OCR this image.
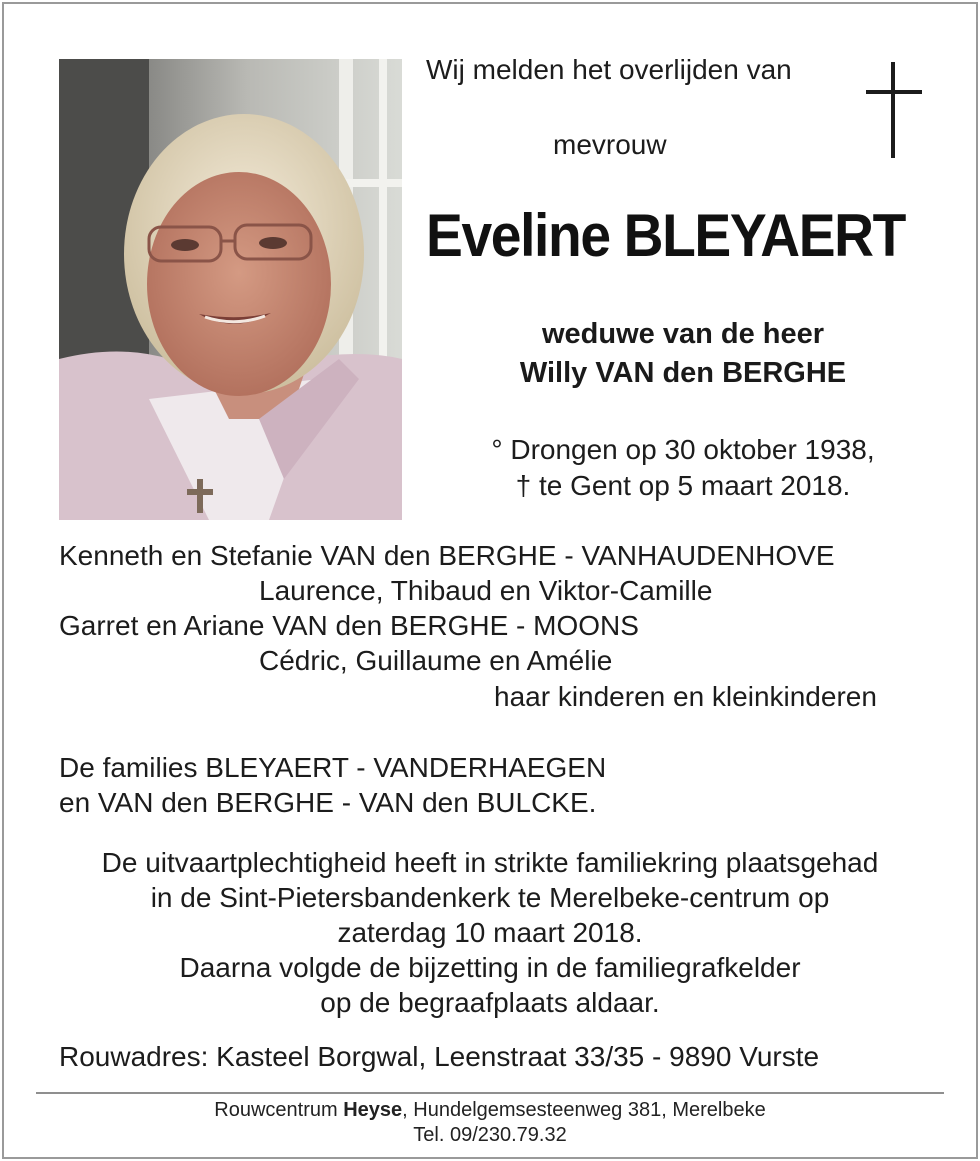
Wij melden het overlijden van
mevrouw
Eveline BLEYAERT
weduwe van de heer
Willy VAN den BERGHE
° Drongen op 30 oktober 1938,
† te Gent op 5 maart 2018.
Kenneth en Stefanie VAN den BERGHE - VANHAUDENHOVE
Laurence, Thibaud en Viktor-Camille
Garret en Ariane VAN den BERGHE - MOONS
Cédric, Guillaume en Amélie
haar kinderen en kleinkinderen
De families BLEYAERT - VANDERHAEGEN
en VAN den BERGHE - VAN den BULCKE.
De uitvaartplechtigheid heeft in strikte familiekring plaatsgehad
in de Sint-Pietersbandenkerk te Merelbeke-centrum op
zaterdag 10 maart 2018.
Daarna volgde de bijzetting in de familiegrafkelder
op de begraafplaats aldaar.
Rouwadres: Kasteel Borgwal, Leenstraat 33/35 - 9890 Vurste
Rouwcentrum Heyse, Hundelgemsesteenweg 381, Merelbeke
Tel. 09/230.79.32
